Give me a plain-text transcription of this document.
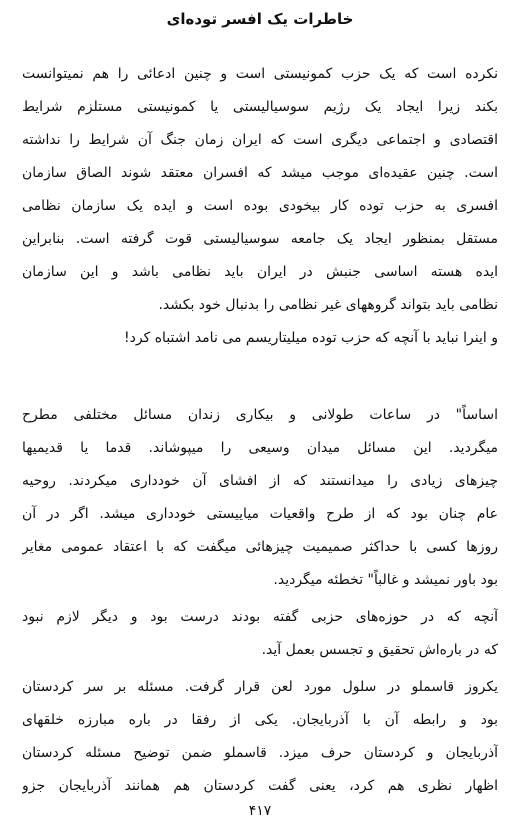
خاطرات یک افسر توده‌ای
نکرده است که یک حزب کمونیستی است و چنین ادعائی را هم نمیتوانست
بکند زیرا ایجاد یک رژیم سوسیالیستی یا کمونیستی مستلزم شرایط
اقتصادی و اجتماعی دیگری است که ایران زمان جنگ آن شرایط را نداشته
است. چنین عقیده‌ای موجب میشد که افسران معتقد شوند الصاق سازمان
افسری به حزب توده کار بیخودی بوده است و ایده یک سازمان نظامی
مستقل بمنظور ایجاد یک جامعه سوسیالیستی قوت گرفته است. بنابراین
ایده هسته اساسی جنبش در ایران باید نظامی باشد و این سازمان
نظامی باید بتواند گروههای غیر نظامی را بدنبال خود بکشد.
و اینرا نباید با آنچه که حزب توده میلیتاریسم می نامد اشتباه کرد!
اساساً" در ساعات طولانی و بیکاری زندان مسائل مختلفی مطرح
میگردید. این مسائل میدان وسیعی را میپوشاند. قدما یا قدیمیها
چیزهای زیادی را میدانستند که از افشای آن خودداری میکردند. روحیه
عام چنان بود که از طرح واقعیات میاییستی خودداری میشد. اگر در آن
روزها کسی با حداکثر صمیمیت چیزهائی میگفت که با اعتقاد عمومی مغایر
بود باور نمیشد و غالباً" تخطئه میگردید.
آنچه که در حوزه‌های حزبی گفته بودند درست بود و دیگر لازم نبود
که در باره‌اش تحقیق و تجسس بعمل آید.
یکروز قاسملو در سلول مورد لعن قرار گرفت. مسئله بر سر کردستان
بود و رابطه آن با آذربایجان. یکی از رفقا در باره مبارزه خلقهای
آذربایجان و کردستان حرف میزد. قاسملو ضمن توضیح مسئله کردستان
اظهار نظری هم کرد، یعنی گفت کردستان هم همانند آذربایجان جزو
۴۱۷
